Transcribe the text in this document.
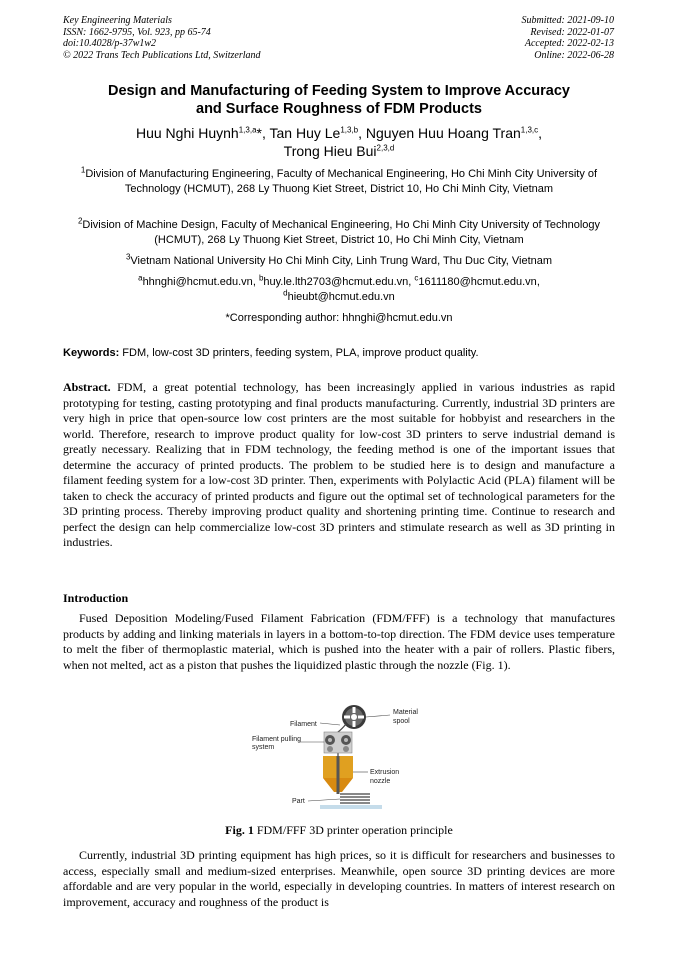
Key Engineering Materials
ISSN: 1662-9795, Vol. 923, pp 65-74
doi:10.4028/p-37w1w2
© 2022 Trans Tech Publications Ltd, Switzerland
Submitted: 2021-09-10
Revised: 2022-01-07
Accepted: 2022-02-13
Online: 2022-06-28
Design and Manufacturing of Feeding System to Improve Accuracy
and Surface Roughness of FDM Products
Huu Nghi Huynh$^{1,3,a}$*, Tan Huy Le$^{1,3,b}$, Nguyen Huu Hoang Tran$^{1,3,c}$,
Trong Hieu Bui$^{2,3,d}$
$^1$Division of Manufacturing Engineering, Faculty of Mechanical Engineering, Ho Chi Minh City University of Technology (HCMUT), 268 Ly Thuong Kiet Street, District 10, Ho Chi Minh City, Vietnam
$^2$Division of Machine Design, Faculty of Mechanical Engineering, Ho Chi Minh City University of Technology (HCMUT), 268 Ly Thuong Kiet Street, District 10, Ho Chi Minh City, Vietnam
$^3$Vietnam National University Ho Chi Minh City, Linh Trung Ward, Thu Duc City, Vietnam
$^a$hhnghi@hcmut.edu.vn, $^b$huy.le.lth2703@hcmut.edu.vn, $^c$1611180@hcmut.edu.vn,
$^d$hieubt@hcmut.edu.vn
*Corresponding author: hhnghi@hcmut.edu.vn
Keywords: FDM, low-cost 3D printers, feeding system, PLA, improve product quality.
Abstract. FDM, a great potential technology, has been increasingly applied in various industries as rapid prototyping for testing, casting prototyping and final products manufacturing. Currently, industrial 3D printers are very high in price that open-source low cost printers are the most suitable for hobbyist and researchers in the world. Therefore, research to improve product quality for low-cost 3D printers to serve industrial demand is greatly necessary. Realizing that in FDM technology, the feeding method is one of the important issues that determine the accuracy of printed products. The problem to be studied here is to design and manufacture a filament feeding system for a low-cost 3D printer. Then, experiments with Polylactic Acid (PLA) filament will be taken to check the accuracy of printed products and figure out the optimal set of technological parameters for the 3D printing process. Thereby improving product quality and shortening printing time. Continue to research and perfect the design can help commercialize low-cost 3D printers and stimulate research as well as 3D printing in industries.
Introduction
Fused Deposition Modeling/Fused Filament Fabrication (FDM/FFF) is a technology that manufactures products by adding and linking materials in layers in a bottom-to-top direction. The FDM device uses temperature to melt the fiber of thermoplastic material, which is pushed into the heater with a pair of rollers. Plastic fibers, when not melted, act as a piston that pushes the liquidized plastic through the nozzle (Fig. 1).
Filament
Material
spool
Filament pulling
system
Extrusion
nozzle
Part
Fig. 1 FDM/FFF 3D printer operation principle
Currently, industrial 3D printing equipment has high prices, so it is difficult for researchers and businesses to access, especially small and medium-sized enterprises. Meanwhile, open source 3D printing devices are more affordable and are very popular in the world, especially in developing countries. In matters of interest research on improvement, accuracy and roughness of the product is
